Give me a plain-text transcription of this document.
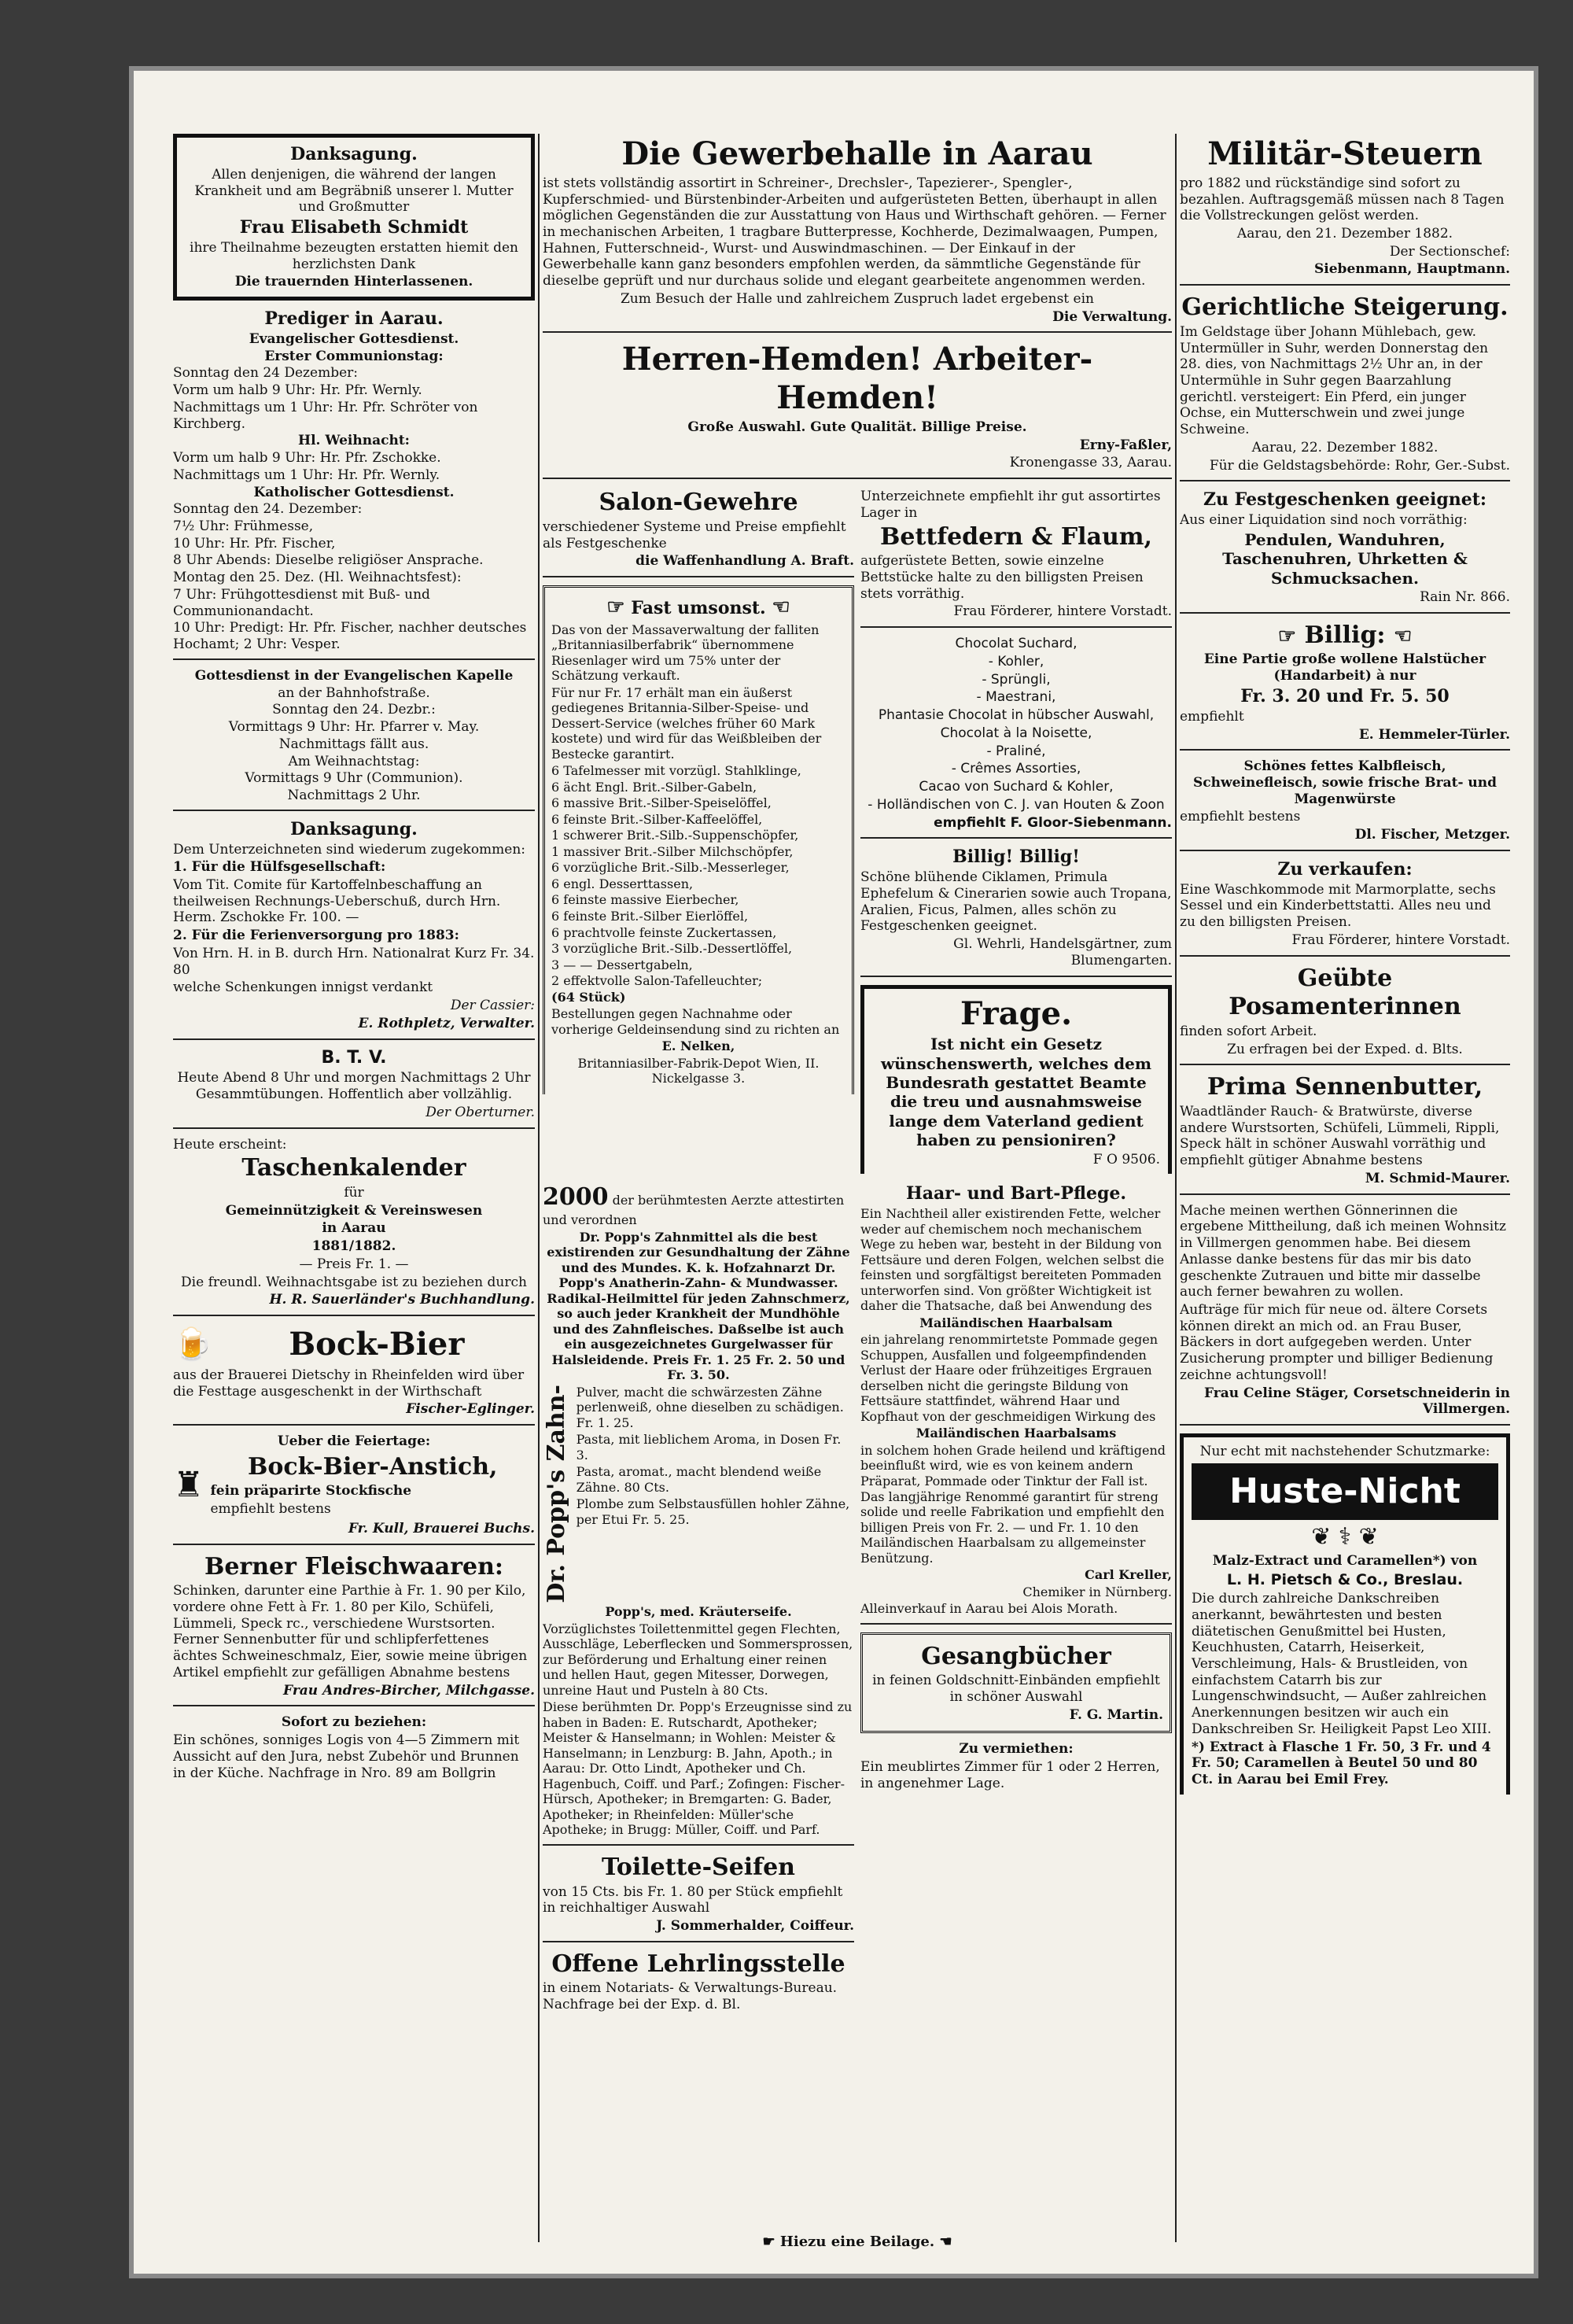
Danksagung.

Allen denjenigen, die während der langen Krankheit und am Begräbniß unserer l. Mutter und Großmutter

Frau Elisabeth Schmidt

ihre Theilnahme bezeugten erstatten hiemit den herzlichsten Dank

Die trauernden Hinterlassenen.

Prediger in Aarau.

Evangelischer Gottesdienst.

Erster Communionstag:

Sonntag den 24 Dezember:

Vorm um halb 9 Uhr: Hr. Pfr. Wernly.

Nachmittags um 1 Uhr: Hr. Pfr. Schröter von Kirchberg.

Hl. Weihnacht:

Vorm um halb 9 Uhr: Hr. Pfr. Zschokke.

Nachmittags um 1 Uhr: Hr. Pfr. Wernly.

Katholischer Gottesdienst.

Sonntag den 24. Dezember:

7½ Uhr: Frühmesse,

10 Uhr: Hr. Pfr. Fischer,

8 Uhr Abends: Dieselbe religiöser Ansprache.

Montag den 25. Dez. (Hl. Weihnachtsfest):

7 Uhr: Frühgottesdienst mit Buß- und Communionandacht.

10 Uhr: Predigt: Hr. Pfr. Fischer, nachher deutsches Hochamt; 2 Uhr: Vesper.

Gottesdienst in der Evangelischen Kapelle

an der Bahnhofstraße.

Sonntag den 24. Dezbr.:

Vormittags 9 Uhr: Hr. Pfarrer v. May.

Nachmittags fällt aus.

Am Weihnachtstag:

Vormittags 9 Uhr (Communion).

Nachmittags 2 Uhr.

Danksagung.

Dem Unterzeichneten sind wiederum zugekommen:

1. Für die Hülfsgesellschaft:

Vom Tit. Comite für Kartoffelnbeschaffung an theilweisen Rechnungs-Ueberschuß, durch Hrn. Herm. Zschokke Fr. 100. —

2. Für die Ferienversorgung pro 1883:

Von Hrn. H. in B. durch Hrn. Nationalrat Kurz Fr. 34. 80

welche Schenkungen innigst verdankt

Der Cassier:

E. Rothpletz, Verwalter.

B. T. V.

Heute Abend 8 Uhr und morgen Nachmittags 2 Uhr Gesammtübungen. Hoffentlich aber vollzählig.

Der Oberturner.

Heute erscheint:

Taschenkalender

für

Gemeinnützigkeit & Vereinswesen

in Aarau

1881/1882.

— Preis Fr. 1. —

Die freundl. Weihnachtsgabe ist zu beziehen durch

H. R. Sauerländer's Buchhandlung.

🍺	Bock-Bier

aus der Brauerei Dietschy in Rheinfelden wird über die Festtage ausgeschenkt in der Wirthschaft

Fischer-Eglinger.

Ueber die Feiertage:

♜	Bock-Bier-Anstich,

fein präparirte Stockfische

empfiehlt bestens

Fr. Kull, Brauerei Buchs.

Berner Fleischwaaren:

Schinken, darunter eine Parthie à Fr. 1. 90 per Kilo, vordere ohne Fett à Fr. 1. 80 per Kilo, Schüfeli, Lümmeli, Speck rc., verschiedene Wurstsorten. Ferner Sennenbutter für und schlipferfettenes ächtes Schweineschmalz, Eier, sowie meine übrigen Artikel empfiehlt zur gefälligen Abnahme bestens

Frau Andres-Bircher, Milchgasse.

Sofort zu beziehen:

Ein schönes, sonniges Logis von 4—5 Zimmern mit Aussicht auf den Jura, nebst Zubehör und Brunnen in der Küche. Nachfrage in Nro. 89 am Bollgrin

Die Gewerbehalle in Aarau

ist stets vollständig assortirt in Schreiner-, Drechsler-, Tapezierer-, Spengler-, Kupferschmied- und Bürstenbinder-Arbeiten und aufgerüsteten Betten, überhaupt in allen möglichen Gegenständen die zur Ausstattung von Haus und Wirthschaft gehören. — Ferner in mechanischen Arbeiten, 1 tragbare Butterpresse, Kochherde, Dezimalwaagen, Pumpen, Hahnen, Futterschneid-, Wurst- und Auswindmaschinen. — Der Einkauf in der Gewerbehalle kann ganz besonders empfohlen werden, da sämmtliche Gegenstände für dieselbe geprüft und nur durchaus solide und elegant gearbeitete angenommen werden.

Zum Besuch der Halle und zahlreichem Zuspruch ladet ergebenst ein

Die Verwaltung.

Herren-Hemden! Arbeiter-Hemden!

Große Auswahl. Gute Qualität. Billige Preise.

Erny-Faßler,

Kronengasse 33, Aarau.

Salon-Gewehre

verschiedener Systeme und Preise empfiehlt als Festgeschenke

die Waffenhandlung A. Braft.

☞ Fast umsonst. ☜

Das von der Massaverwaltung der falliten „Britanniasilberfabrik“ übernommene Riesenlager wird um 75% unter der Schätzung verkauft.

Für nur Fr. 17 erhält man ein äußerst gediegenes Britannia-Silber-Speise- und Dessert-Service (welches früher 60 Mark kostete) und wird für das Weißbleiben der Bestecke garantirt.

6 Tafelmesser mit vorzügl. Stahlklinge,

6 ächt Engl. Brit.-Silber-Gabeln,

6 massive Brit.-Silber-Speiselöffel,

6 feinste Brit.-Silber-Kaffeelöffel,

1 schwerer Brit.-Silb.-Suppenschöpfer,

1 massiver Brit.-Silber Milchschöpfer,

6 vorzügliche Brit.-Silb.-Messerleger,

6 engl. Desserttassen,

6 feinste massive Eierbecher,

6 feinste Brit.-Silber Eierlöffel,

6 prachtvolle feinste Zuckertassen,

3 vorzügliche Brit.-Silb.-Dessertlöffel,

3 — — Dessertgabeln,

2 effektvolle Salon-Tafelleuchter;

(64 Stück)

Bestellungen gegen Nachnahme oder vorherige Geldeinsendung sind zu richten an

E. Nelken,

Britanniasilber-Fabrik-Depot Wien, II. Nickelgasse 3.

Unterzeichnete empfiehlt ihr gut assortirtes Lager in

Bettfedern & Flaum,

aufgerüstete Betten, sowie einzelne Bettstücke halte zu den billigsten Preisen stets vorräthig.

Frau Förderer, hintere Vorstadt.

Chocolat Suchard,

- Kohler,

- Sprüngli,

- Maestrani,

Phantasie Chocolat in hübscher Auswahl,

Chocolat à la Noisette,

- Praliné,

- Crêmes Assorties,

Cacao von Suchard & Kohler,

- Holländischen von C. J. van Houten & Zoon

empfiehlt F. Gloor-Siebenmann.

Billig! Billig!

Schöne blühende Ciklamen, Primula Ephefelum & Cinerarien sowie auch Tropana, Aralien, Ficus, Palmen, alles schön zu Festgeschenken geeignet.

Gl. Wehrli, Handelsgärtner, zum Blumengarten.

Frage.

Ist nicht ein Gesetz wünschenswerth, welches dem Bundesrath gestattet Beamte die treu und ausnahmsweise lange dem Vaterland gedient haben zu pensioniren?

F O 9506.

2000 der berühmtesten Aerzte attestirten und verordnen

Dr. Popp's Zahnmittel als die best existirenden zur Gesundhaltung der Zähne und des Mundes. K. k. Hofzahnarzt Dr. Popp's Anatherin-Zahn- & Mundwasser. Radikal-Heilmittel für jeden Zahnschmerz, so auch jeder Krankheit der Mundhöhle und des Zahnfleisches. Daßselbe ist auch ein ausgezeichnetes Gurgelwasser für Halsleidende. Preis Fr. 1. 25 Fr. 2. 50 und Fr. 3. 50.

Dr. Popp's Zahn- Pulver, macht die schwärzesten Zähne perlenweiß, ohne dieselben zu schädigen. Fr. 1. 25.

Pasta, mit lieblichem Aroma, in Dosen Fr. 3.

Pasta, aromat., macht blendend weiße Zähne. 80 Cts.

Plombe zum Selbstausfüllen hohler Zähne, per Etui Fr. 5. 25.

Popp's, med. Kräuterseife.

Vorzüglichstes Toilettenmittel gegen Flechten, Ausschläge, Leberflecken und Sommersprossen, zur Beförderung und Erhaltung einer reinen und hellen Haut, gegen Mitesser, Dorwegen, unreine Haut und Pusteln à 80 Cts.

Diese berühmten Dr. Popp's Erzeugnisse sind zu haben in Baden: E. Rutschardt, Apotheker; Meister & Hanselmann; in Wohlen: Meister & Hanselmann; in Lenzburg: B. Jahn, Apoth.; in Aarau: Dr. Otto Lindt, Apotheker und Ch. Hagenbuch, Coiff. und Parf.; Zofingen: Fischer-Hürsch, Apotheker; in Bremgarten: G. Bader, Apotheker; in Rheinfelden: Müller'sche Apotheke; in Brugg: Müller, Coiff. und Parf.

Toilette-Seifen

von 15 Cts. bis Fr. 1. 80 per Stück empfiehlt in reichhaltiger Auswahl

J. Sommerhalder, Coiffeur.

Offene Lehrlingsstelle

in einem Notariats- & Verwaltungs-Bureau. Nachfrage bei der Exp. d. Bl.

Haar- und Bart-Pflege.

Ein Nachtheil aller existirenden Fette, welcher weder auf chemischem noch mechanischem Wege zu heben war, besteht in der Bildung von Fettsäure und deren Folgen, welchen selbst die feinsten und sorgfältigst bereiteten Pommaden unterworfen sind. Von größter Wichtigkeit ist daher die Thatsache, daß bei Anwendung des

Mailändischen Haarbalsam

ein jahrelang renommirtetste Pommade gegen Schuppen, Ausfallen und folgeempfindenden Verlust der Haare oder frühzeitiges Ergrauen derselben nicht die geringste Bildung von Fettsäure stattfindet, während Haar und Kopfhaut von der geschmeidigen Wirkung des

Mailändischen Haarbalsams

in solchem hohen Grade heilend und kräftigend beeinflußt wird, wie es von keinem andern Präparat, Pommade oder Tinktur der Fall ist. Das langjährige Renommé garantirt für streng solide und reelle Fabrikation und empfiehlt den billigen Preis von Fr. 2. — und Fr. 1. 10 den Mailändischen Haarbalsam zu allgemeinster Benützung.

Carl Kreller,

Chemiker in Nürnberg.

Alleinverkauf in Aarau bei Alois Morath.

Gesangbücher

in feinen Goldschnitt-Einbänden empfiehlt in schöner Auswahl

F. G. Martin.

Zu vermiethen:

Ein meublirtes Zimmer für 1 oder 2 Herren, in angenehmer Lage.

☛ Hiezu eine Beilage. ☚
Militär-Steuern

pro 1882 und rückständige sind sofort zu bezahlen. Auftragsgemäß müssen nach 8 Tagen die Vollstreckungen gelöst werden.

Aarau, den 21. Dezember 1882.

Der Sectionschef:

Siebenmann, Hauptmann.

Gerichtliche Steigerung.

Im Geldstage über Johann Mühlebach, gew. Untermüller in Suhr, werden Donnerstag den 28. dies, von Nachmittags 2½ Uhr an, in der Untermühle in Suhr gegen Baarzahlung gerichtl. versteigert: Ein Pferd, ein junger Ochse, ein Mutterschwein und zwei junge Schweine.

Aarau, 22. Dezember 1882.

Für die Geldstagsbehörde: Rohr, Ger.-Subst.

Zu Festgeschenken geeignet:

Aus einer Liquidation sind noch vorräthig:

Pendulen, Wanduhren, Taschenuhren, Uhrketten & Schmucksachen.

Rain Nr. 866.

☞ Billig: ☜

Eine Partie große wollene Halstücher (Handarbeit) à nur

Fr. 3. 20 und Fr. 5. 50

empfiehlt

E. Hemmeler-Türler.

Schönes fettes Kalbfleisch, Schweinefleisch, sowie frische Brat- und Magenwürste

empfiehlt bestens

Dl. Fischer, Metzger.

Zu verkaufen:

Eine Waschkommode mit Marmorplatte, sechs Sessel und ein Kinderbettstatti. Alles neu und zu den billigsten Preisen.

Frau Förderer, hintere Vorstadt.

Geübte Posamenterinnen

finden sofort Arbeit.

Zu erfragen bei der Exped. d. Blts.

Prima Sennenbutter,

Waadtländer Rauch- & Bratwürste, diverse andere Wurstsorten, Schüfeli, Lümmeli, Rippli, Speck hält in schöner Auswahl vorräthig und empfiehlt gütiger Abnahme bestens

M. Schmid-Maurer.

Mache meinen werthen Gönnerinnen die ergebene Mittheilung, daß ich meinen Wohnsitz in Villmergen genommen habe. Bei diesem Anlasse danke bestens für das mir bis dato geschenkte Zutrauen und bitte mir dasselbe auch ferner bewahren zu wollen.

Aufträge für mich für neue od. ältere Corsets können direkt an mich od. an Frau Buser, Bäckers in dort aufgegeben werden. Unter Zusicherung prompter und billiger Bedienung zeichne achtungsvoll!

Frau Celine Stäger, Corsetschneiderin in Villmergen.

Nur echt mit nachstehender Schutzmarke:

Huste-Nicht
❦ ⚕ ❦

Malz-Extract und Caramellen*) von

L. H. Pietsch & Co., Breslau.

Die durch zahlreiche Dankschreiben anerkannt, bewährtesten und besten diätetischen Genußmittel bei Husten, Keuchhusten, Catarrh, Heiserkeit, Verschleimung, Hals- & Brustleiden, von einfachstem Catarrh bis zur Lungenschwindsucht, — Außer zahlreichen Anerkennungen besitzen wir auch ein Dankschreiben Sr. Heiligkeit Papst Leo XIII.

*) Extract à Flasche 1 Fr. 50, 3 Fr. und 4 Fr. 50; Caramellen à Beutel 50 und 80 Ct. in Aarau bei Emil Frey.
